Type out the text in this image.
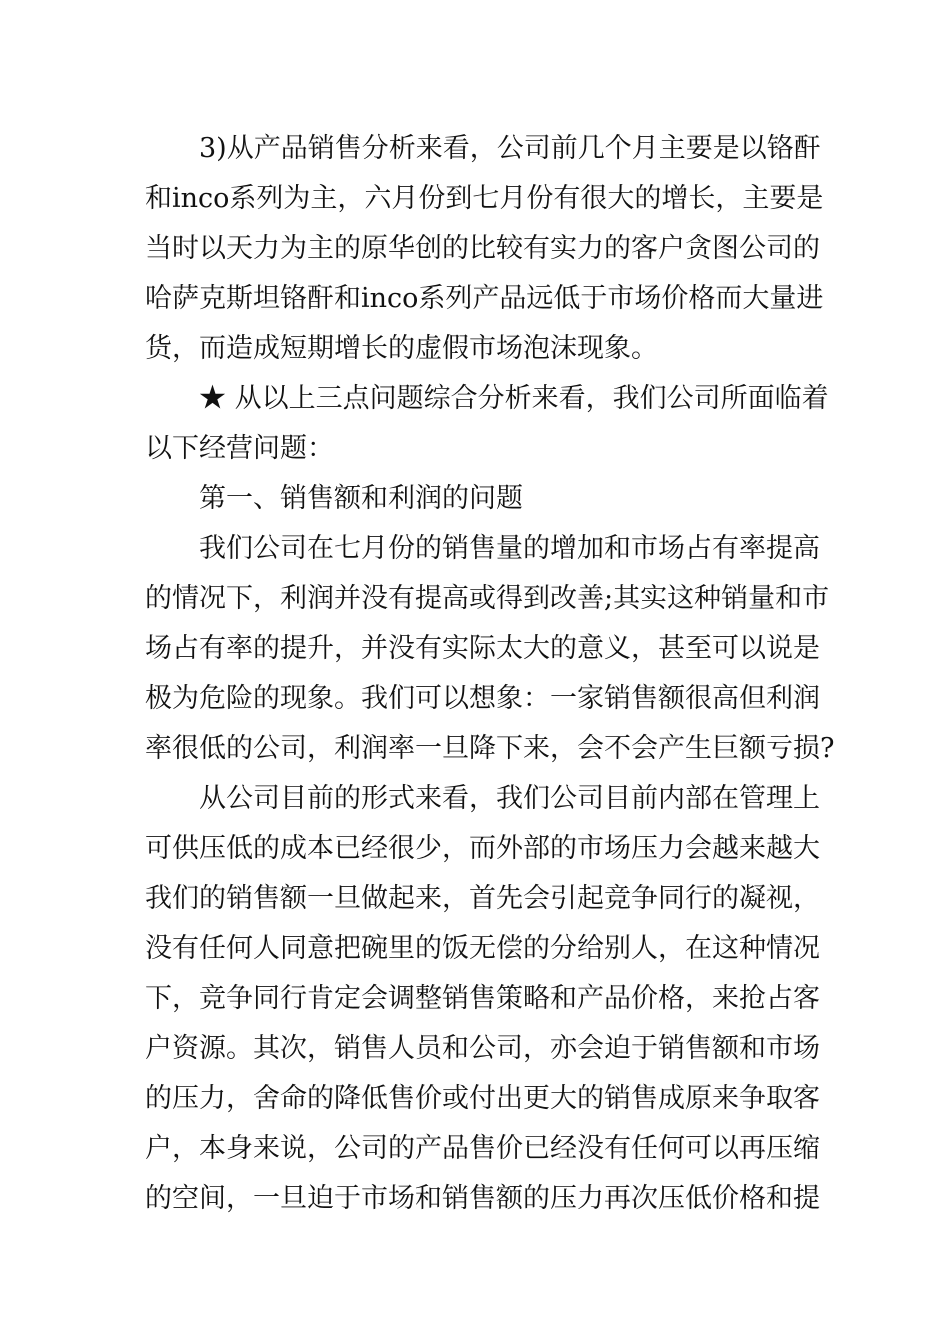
3)从产品销售分析来看，公司前几个月主要是以铬酐
和inco系列为主，六月份到七月份有很大的增长，主要是
当时以天力为主的原华创的比较有实力的客户贪图公司的
哈萨克斯坦铬酐和inco系列产品远低于市场价格而大量进
货，而造成短期增长的虚假市场泡沫现象。
★ 从以上三点问题综合分析来看，我们公司所面临着
以下经营问题：
第一、销售额和利润的问题
我们公司在七月份的销售量的增加和市场占有率提高
的情况下，利润并没有提高或得到改善;其实这种销量和市
场占有率的提升，并没有实际太大的意义，甚至可以说是
极为危险的现象。我们可以想象：一家销售额很高但利润
率很低的公司，利润率一旦降下来，会不会产生巨额亏损?
从公司目前的形式来看，我们公司目前内部在管理上
可供压低的成本已经很少，而外部的市场压力会越来越大
我们的销售额一旦做起来，首先会引起竞争同行的凝视，
没有任何人同意把碗里的饭无偿的分给别人，在这种情况
下，竞争同行肯定会调整销售策略和产品价格，来抢占客
户资源。其次，销售人员和公司，亦会迫于销售额和市场
的压力，舍命的降低售价或付出更大的销售成原来争取客
户，本身来说，公司的产品售价已经没有任何可以再压缩
的空间，一旦迫于市场和销售额的压力再次压低价格和提
